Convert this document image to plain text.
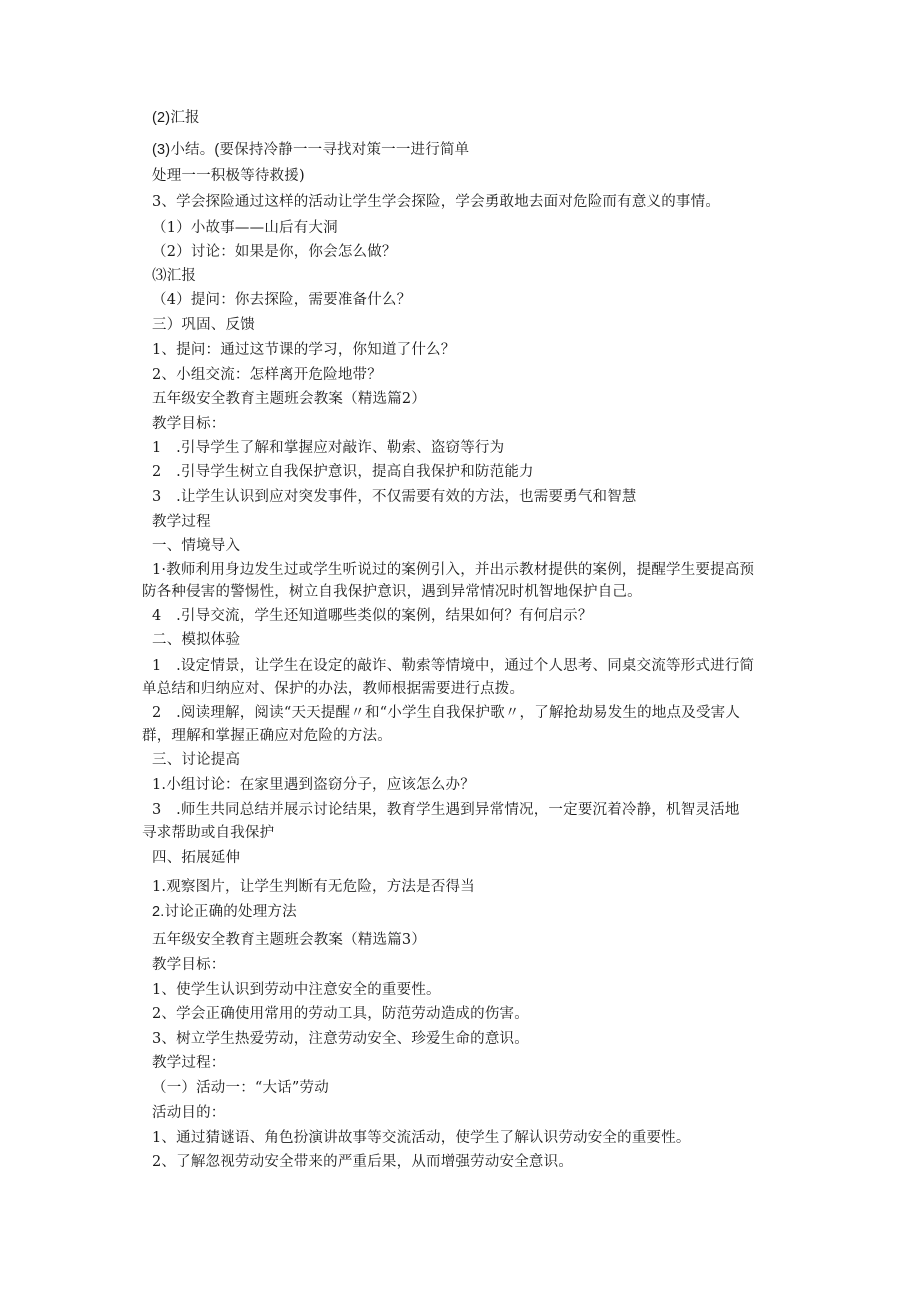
(2)汇报
(3)小结。(要保持冷静一一寻找对策一一进行简单
处理一一积极等待救援)
3、学会探险通过这样的活动让学生学会探险，学会勇敢地去面对危险而有意义的事情。
（1）小故事——山后有大洞
（2）讨论：如果是你，你会怎么做？
⑶汇报
（4）提问：你去探险，需要准备什么？
三）巩固、反馈
1、提问：通过这节课的学习，你知道了什么？
2、小组交流：怎样离开危险地带？
五年级安全教育主题班会教案（精选篇2）
教学目标：
1　.引导学生了解和掌握应对敲诈、勒索、盗窃等行为
2　.引导学生树立自我保护意识，提高自我保护和防范能力
3　.让学生认识到应对突发事件，不仅需要有效的方法，也需要勇气和智慧
教学过程
一、情境导入
1·教师利用身边发生过或学生听说过的案例引入，并出示教材提供的案例，提醒学生要提高预
防各种侵害的警惕性，树立自我保护意识，遇到异常情况时机智地保护自己。
4　.引导交流，学生还知道哪些类似的案例，结果如何？有何启示？
二、模拟体验
1　.设定情景，让学生在设定的敲诈、勒索等情境中，通过个人思考、同桌交流等形式进行简
单总结和归纳应对、保护的办法，教师根据需要进行点拨。
2　.阅读理解，阅读“天天提醒〃和“小学生自我保护歌〃，了解抢劫易发生的地点及受害人
群，理解和掌握正确应对危险的方法。
三、讨论提高
1.小组讨论：在家里遇到盗窃分子，应该怎么办？
3　.师生共同总结并展示讨论结果，教育学生遇到异常情况，一定要沉着冷静，机智灵活地
寻求帮助或自我保护
四、拓展延伸
1.观察图片，让学生判断有无危险，方法是否得当
2.讨论正确的处理方法
五年级安全教育主题班会教案（精选篇3）
教学目标：
1、使学生认识到劳动中注意安全的重要性。
2、学会正确使用常用的劳动工具，防范劳动造成的伤害。
3、树立学生热爱劳动，注意劳动安全、珍爱生命的意识。
教学过程：
（一）活动一：“大话”劳动
活动目的：
1、通过猜谜语、角色扮演讲故事等交流活动，使学生了解认识劳动安全的重要性。
2、了解忽视劳动安全带来的严重后果，从而增强劳动安全意识。
